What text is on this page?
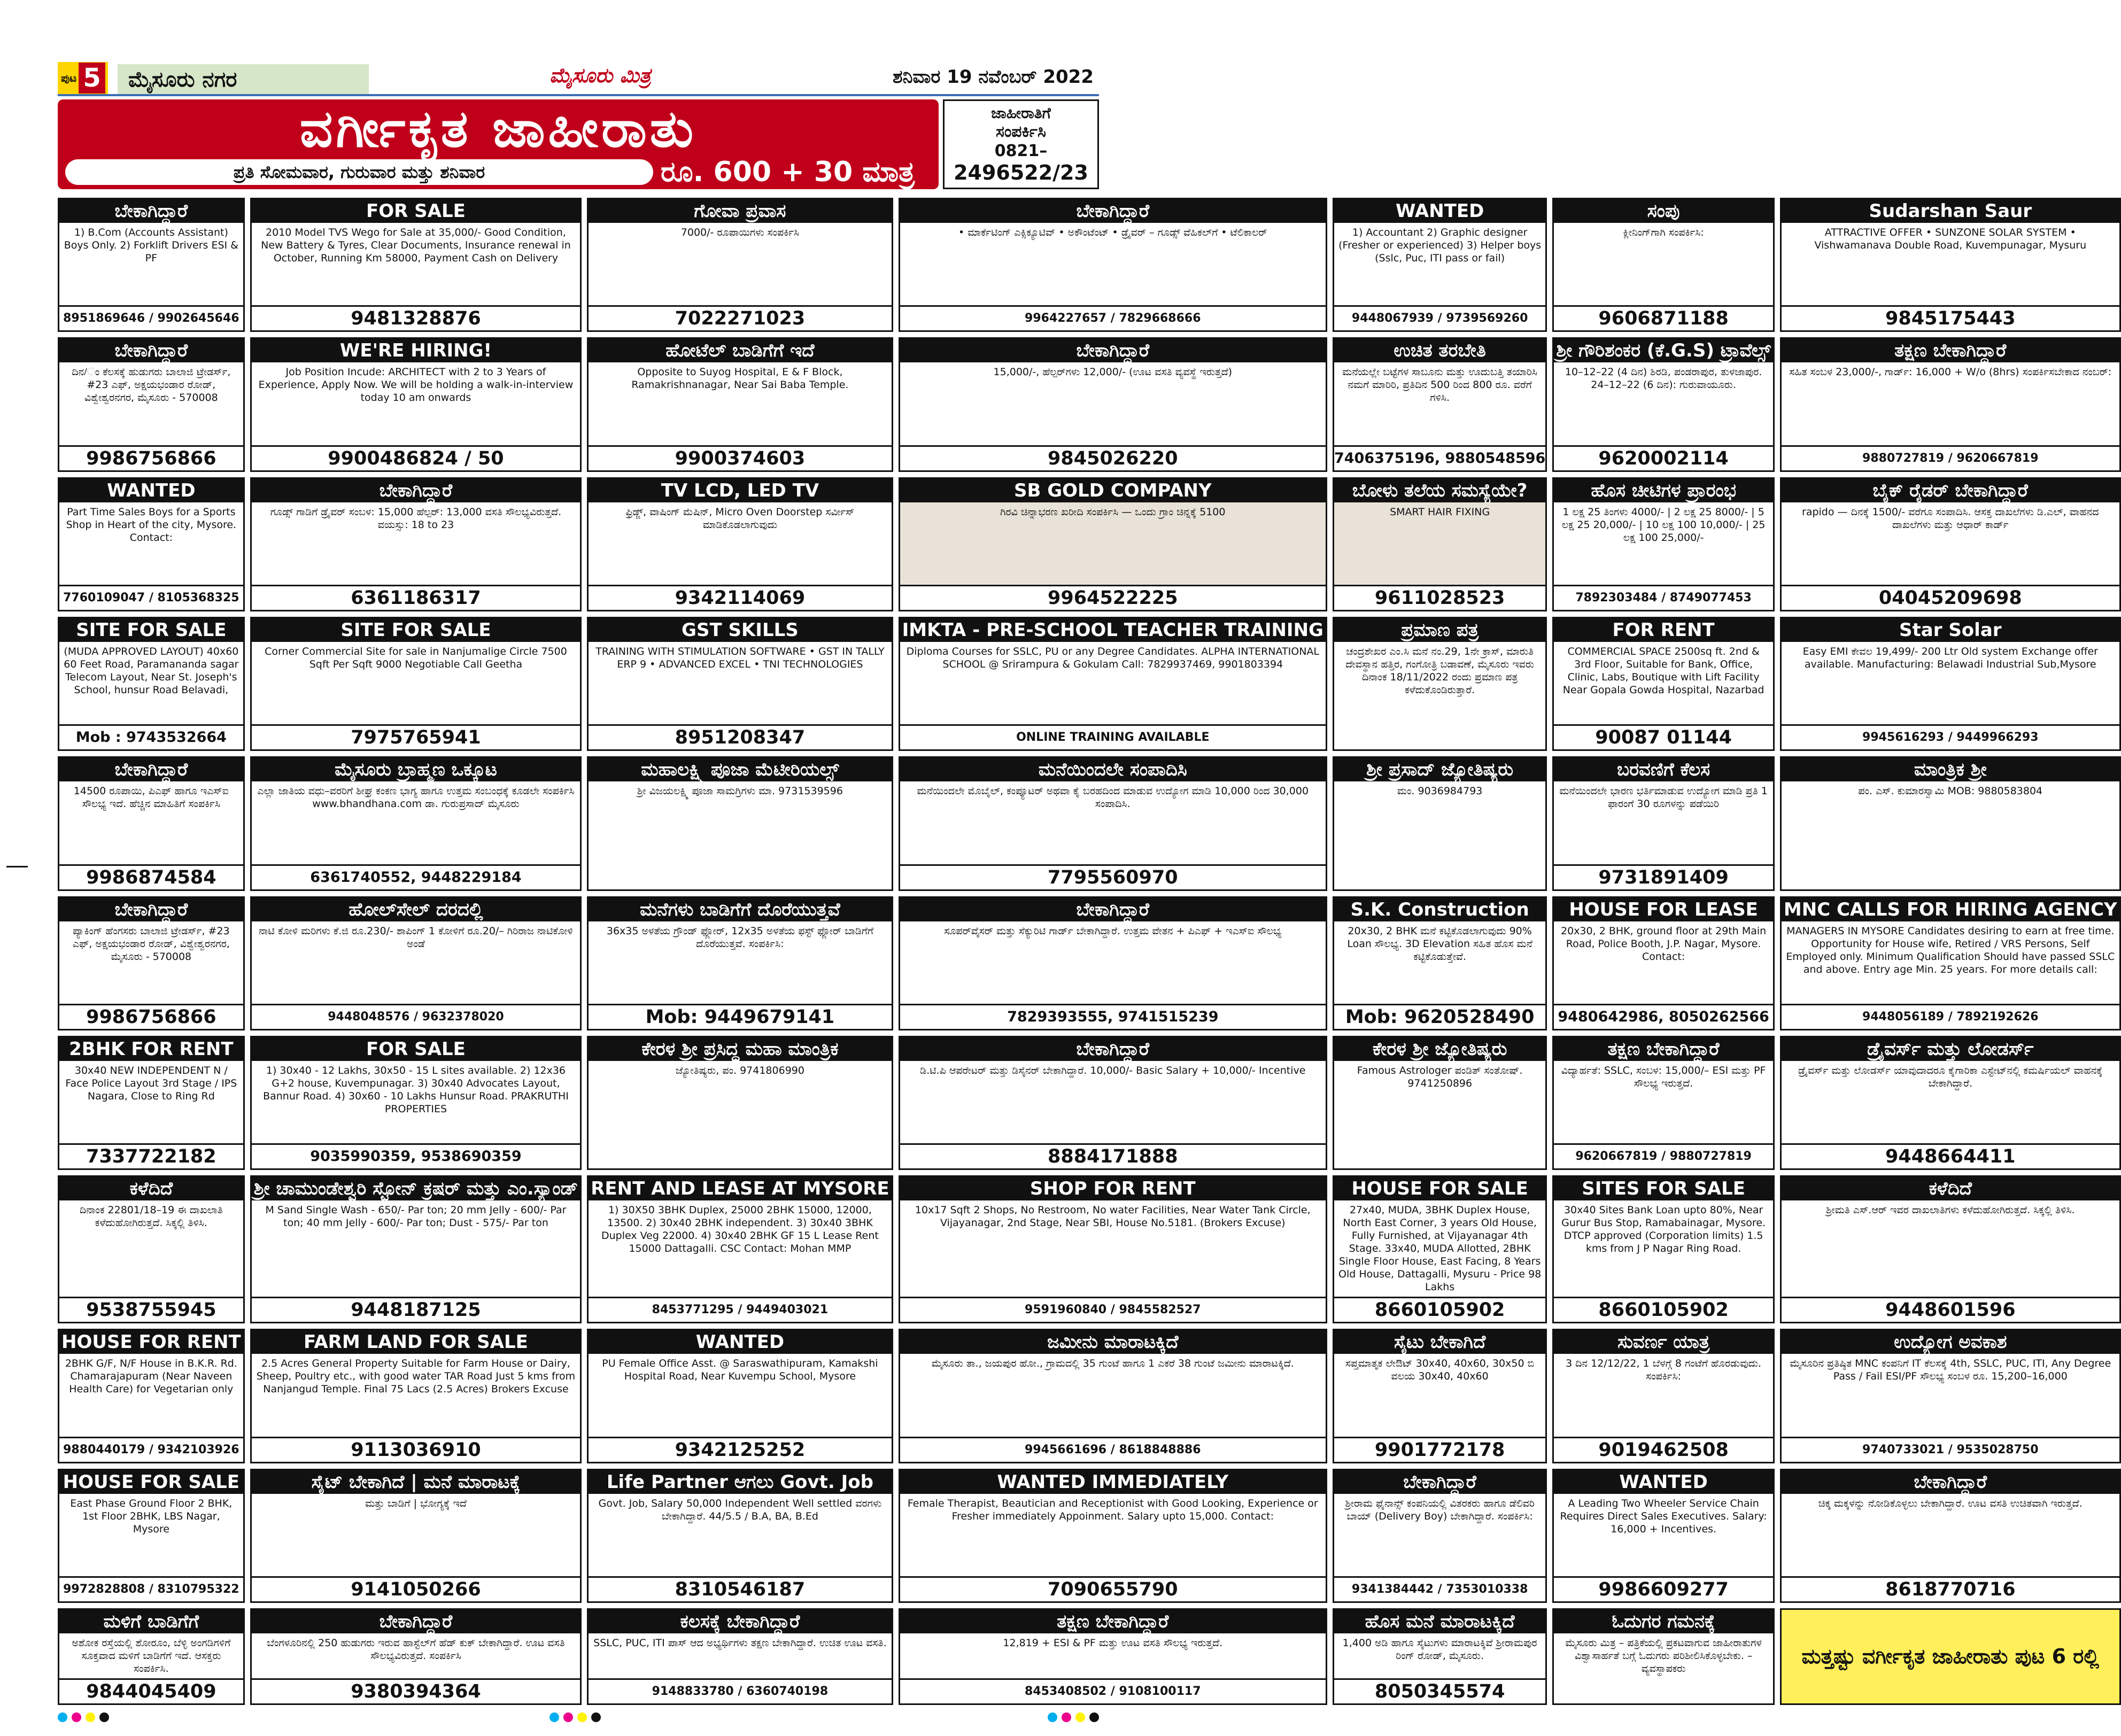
ಪುಟ 5	ಮೈಸೂರು ನಗರ	ಮೈಸೂರು ಮಿತ್ರ	ಶನಿವಾರ 19 ನವೆಂಬರ್ 2022
ವರ್ಗೀಕೃತ ಜಾಹೀರಾತು
ಪ್ರತಿ ಸೋಮವಾರ, ಗುರುವಾರ ಮತ್ತು ಶನಿವಾರ	ರೂ. 600 + 30 ಮಾತ್ರ
ಜಾಹೀರಾತಿಗೆ
ಸಂಪರ್ಕಿಸಿ
0821–
2496522/23
ಬೇಕಾಗಿದ್ದಾರೆ
1) B.Com (Accounts Assistant) Boys Only. 2) Forklift Drivers ESI & PF
8951869646 / 9902645646
FOR SALE
2010 Model TVS Wego for Sale at 35,000/- Good Condition, New Battery & Tyres, Clear Documents, Insurance renewal in October, Running Km 58000, Payment Cash on Delivery
9481328876
ಗೋವಾ ಪ್ರವಾಸ
7000/- ರೂಪಾಯಿಗಳು ಸಂಪರ್ಕಿಸಿ
7022271023
ಬೇಕಾಗಿದ್ದಾರೆ
• ಮಾರ್ಕೆಟಿಂಗ್ ಎಕ್ಸಿಕ್ಯೂಟಿವ್ • ಅಕೌಂಟೆಂಟ್ • ಡ್ರೈವರ್ – ಗೂಡ್ಸ್ ವೆಹಿಕಲ್‌ಗೆ • ಟೆಲಿಕಾಲರ್
9964227657 / 7829668666
WANTED
1) Accountant 2) Graphic designer (Fresher or experienced) 3) Helper boys (Sslc, Puc, ITI pass or fail)
9448067939 / 9739569260
ಸಂಪು
ಕ್ಲೀನಿಂಗ್‌ಗಾಗಿ ಸಂಪರ್ಕಿಸಿ:
9606871188
Sudarshan Saur
ATTRACTIVE OFFER • SUNZONE SOLAR SYSTEM • Vishwamanava Double Road, Kuvempunagar, Mysuru
9845175443
ಬೇಕಾಗಿದ್ದಾರೆ
ದಿನ/ಂ ಕೆಲಸಕ್ಕೆ ಹುಡುಗರು ಬಾಲಾಜಿ ಟ್ರೇಡರ್ಸ್, #23 ಎಫ್, ಅಕ್ಷಯಭಂಡಾರ ರೋಡ್, ವಿಶ್ವೇಶ್ವರನಗರ, ಮೈಸೂರು - 570008
9986756866
WE'RE HIRING!
Job Position Incude: ARCHITECT with 2 to 3 Years of Experience, Apply Now. We will be holding a walk-in-interview today 10 am onwards
9900486824 / 50
ಹೋಟೆಲ್ ಬಾಡಿಗೆಗೆ ಇದೆ
Opposite to Suyog Hospital, E & F Block, Ramakrishnanagar, Near Sai Baba Temple.
9900374603
ಬೇಕಾಗಿದ್ದಾರೆ
15,000/-, ಹೆಲ್ಪರ್‌ಗಳು 12,000/- (ಊಟ ವಸತಿ ವ್ಯವಸ್ಥೆ ಇರುತ್ತದೆ)
9845026220
ಉಚಿತ ತರಬೇತಿ
ಮನೆಯಲ್ಲೇ ಬಟ್ಟೆಗಳ ಸಾಬೂನು ಮತ್ತು ಊದುಬತ್ತಿ ತಯಾರಿಸಿ ನಮಗೆ ಮಾರಿರಿ, ಪ್ರತಿದಿನ 500 ರಿಂದ 800 ರೂ. ವರೆಗೆ ಗಳಿಸಿ.
7406375196, 9880548596
ಶ್ರೀ ಗೌರಿಶಂಕರ (ಕೆ.G.S) ಟ್ರಾವೆಲ್ಸ್
10–12–22 (4 ದಿನ) ಶಿರಡಿ, ಪಂಡರಾಪುರ, ತುಳಜಾಪುರ. 24–12–22 (6 ದಿನ): ಗುರುವಾಯೂರು.
9620002114
ತಕ್ಷಣ ಬೇಕಾಗಿದ್ದಾರೆ
ಸಹಿತ ಸಂಬಳ 23,000/-, ಗಾರ್ಡ್: 16,000 + W/o (8hrs) ಸಂಪರ್ಕಿಸಬೇಕಾದ ನಂಬರ್:
9880727819 / 9620667819
WANTED
Part Time Sales Boys for a Sports Shop in Heart of the city, Mysore. Contact:
7760109047 / 8105368325
ಬೇಕಾಗಿದ್ದಾರೆ
ಗೂಡ್ಸ್ ಗಾಡಿಗೆ ಡ್ರೈವರ್ ಸಂಬಳ: 15,000 ಹೆಲ್ಪರ್: 13,000 ವಸತಿ ಸೌಲಭ್ಯವಿರುತ್ತದೆ. ವಯಸ್ಸು: 18 to 23
6361186317
TV LCD, LED TV
ಫ್ರಿಡ್ಜ್, ವಾಷಿಂಗ್ ಮೆಷಿನ್, Micro Oven Doorstep ಸರ್ವೀಸ್ ಮಾಡಿಕೊಡಲಾಗುವುದು
9342114069
SB GOLD COMPANY
ಗಿರವಿ ಚಿನ್ನಾಭರಣ ಖರೀದಿ ಸಂಪರ್ಕಿಸಿ — ಒಂದು ಗ್ರಾಂ ಚಿನ್ನಕ್ಕೆ 5100
9964522225
ಬೋಳು ತಲೆಯ ಸಮಸ್ಯೆಯೇ?
SMART HAIR FIXING
9611028523
ಹೊಸ ಚೀಟಿಗಳ ಪ್ರಾರಂಭ
1 ಲಕ್ಷ 25 ತಿಂಗಳು 4000/- | 2 ಲಕ್ಷ 25 8000/- | 5 ಲಕ್ಷ 25 20,000/- | 10 ಲಕ್ಷ 100 10,000/- | 25 ಲಕ್ಷ 100 25,000/-
7892303484 / 8749077453
ಬೈಕ್ ರೈಡರ್ ಬೇಕಾಗಿದ್ದಾರೆ
rapido — ದಿನಕ್ಕೆ 1500/- ವರೆಗೂ ಸಂಪಾದಿಸಿ. ಆಸಕ್ತ ದಾಖಲೆಗಳು ಡಿ.ಎಲ್, ವಾಹನದ ದಾಖಲೆಗಳು ಮತ್ತು ಆಧಾರ್ ಕಾರ್ಡ್
04045209698
SITE FOR SALE
(MUDA APPROVED LAYOUT) 40x60 60 Feet Road, Paramananda sagar Telecom Layout, Near St. Joseph's School, hunsur Road Belavadi,
Mob : 9743532664
SITE FOR SALE
Corner Commercial Site for sale in Nanjumalige Circle 7500 Sqft Per Sqft 9000 Negotiable Call Geetha
7975765941
GST SKILLS
TRAINING WITH STIMULATION SOFTWARE • GST IN TALLY ERP 9 • ADVANCED EXCEL • TNI TECHNOLOGIES
8951208347
IMKTA - PRE-SCHOOL TEACHER TRAINING
Diploma Courses for SSLC, PU or any Degree Candidates. ALPHA INTERNATIONAL SCHOOL @ Srirampura & Gokulam Call: 7829937469, 9901803394
ONLINE TRAINING AVAILABLE
ಪ್ರಮಾಣ ಪತ್ರ
ಚಂದ್ರಶೇಖರ ಎಂ.ಸಿ ಮನೆ ನಂ.29, 1ನೇ ಕ್ರಾಸ್, ಮಾರುತಿ ದೇವಸ್ಥಾನ ಹತ್ತಿರ, ಗಂಗೋತ್ರಿ ಬಡಾವಣೆ, ಮೈಸೂರು ಇವರು ದಿನಾಂಕ 18/11/2022 ರಂದು ಪ್ರಮಾಣ ಪತ್ರ ಕಳೆದುಕೊಂಡಿರುತ್ತಾರೆ.
FOR RENT
COMMERCIAL SPACE 2500sq ft. 2nd & 3rd Floor, Suitable for Bank, Office, Clinic, Labs, Boutique with Lift Facility Near Gopala Gowda Hospital, Nazarbad
90087 01144
Star Solar
Easy EMI ಕೇವಲ 19,499/- 200 Ltr Old system Exchange offer available. Manufacturing: Belawadi Industrial Sub,Mysore
9945616293 / 9449966293
ಬೇಕಾಗಿದ್ದಾರೆ
14500 ರೂಪಾಯಿ, ಪಿಎಫ್ ಹಾಗೂ ಇಎಸ್‌ಐ ಸೌಲಭ್ಯ ಇದೆ. ಹೆಚ್ಚಿನ ಮಾಹಿತಿಗೆ ಸಂಪರ್ಕಿಸಿ
9986874584
ಮೈಸೂರು ಬ್ರಾಹ್ಮಣ ಒಕ್ಕೂಟ
ಎಲ್ಲಾ ಜಾತಿಯ ವಧು–ವರರಿಗೆ ಶೀಘ್ರ ಕಂಕಣ ಭಾಗ್ಯ ಹಾಗೂ ಉತ್ತಮ ಸಂಬಂಧಕ್ಕೆ ಕೂಡಲೇ ಸಂಪರ್ಕಿಸಿ www.bhandhana.com ಡಾ. ಗುರುಪ್ರಸಾದ್ ಮೈಸೂರು
6361740552, 9448229184
ಮಹಾಲಕ್ಷ್ಮಿ ಪೂಜಾ ಮೆಟೀರಿಯಲ್ಸ್
ಶ್ರೀ ವಿಜಯಲಕ್ಷ್ಮಿ ಪೂಜಾ ಸಾಮಗ್ರಿಗಳು ಮಾ. 9731539596
ಮನೆಯಿಂದಲೇ ಸಂಪಾದಿಸಿ
ಮನೆಯಿಂದಲೇ ಮೊಬೈಲ್, ಕಂಪ್ಯೂಟರ್ ಅಥವಾ ಕೈ ಬರಹದಿಂದ ಮಾಡುವ ಉದ್ಯೋಗ ಮಾಡಿ 10,000 ರಿಂದ 30,000 ಸಂಪಾದಿಸಿ.
7795560970
ಶ್ರೀ ಪ್ರಸಾದ್ ಜ್ಯೋತಿಷ್ಯರು
ಮಂ. 9036984793
ಬರವಣಿಗೆ ಕೆಲಸ
ಮನೆಯಿಂದಲೇ ಭಾರಣ ಭರ್ತಿಮಾಡುವ ಉದ್ಯೋಗ ಮಾಡಿ ಪ್ರತಿ 1 ಫಾರಂಗೆ 30 ರೂಗಳನ್ನು ಪಡೆಯಿರಿ
9731891409
ಮಾಂತ್ರಿಕ ಶ್ರೀ
ಪಂ. ಎಸ್. ಕುಮಾರಸ್ವಾಮಿ MOB: 9880583804
ಬೇಕಾಗಿದ್ದಾರೆ
ಪ್ಯಾಕಿಂಗ್ ಹೆಂಗಸರು ಬಾಲಾಜಿ ಟ್ರೇಡರ್ಸ್, #23 ಎಫ್, ಅಕ್ಷಯಭಂಡಾರ ರೋಡ್, ವಿಶ್ವೇಶ್ವರನಗರ, ಮೈಸೂರು - 570008
9986756866
ಹೋಲ್‌ಸೇಲ್ ದರದಲ್ಲಿ
ನಾಟಿ ಕೋಳಿ ಮರಿಗಳು ಕೆ.ಜಿ ರೂ.230/- ಶಾಪಿಂಗ್ 1 ಕೋಳಿಗೆ ರೂ.20/– ಗಿರಿರಾಜ ನಾಟಿಕೋಳಿ ಅಂಡೆ
9448048576 / 9632378020
ಮನೆಗಳು ಬಾಡಿಗೆಗೆ ದೊರೆಯುತ್ತವೆ
36x35 ಅಳತೆಯ ಗ್ರೌಂಡ್ ಫ್ಲೋರ್, 12x35 ಅಳತೆಯ ಫಸ್ಟ್ ಫ್ಲೋರ್ ಬಾಡಿಗೆಗೆ ದೊರೆಯುತ್ತವೆ. ಸಂಪರ್ಕಿಸಿ:
Mob: 9449679141
ಬೇಕಾಗಿದ್ದಾರೆ
ಸೂಪರ್‌ವೈಸರ್ ಮತ್ತು ಸೆಕ್ಯುರಿಟಿ ಗಾರ್ಡ್ ಬೇಕಾಗಿದ್ದಾರೆ. ಉತ್ತಮ ವೇತನ + ಪಿಎಫ್ + ಇಎಸ್‌ಐ ಸೌಲಭ್ಯ
7829393555, 9741515239
S.K. Construction
20x30, 2 BHK ಮನೆ ಕಟ್ಟಿಕೊಡಲಾಗುವುದು 90% Loan ಸೌಲಭ್ಯ. 3D Elevation ಸಹಿತ ಹೊಸ ಮನೆ ಕಟ್ಟಿಕೊಡುತ್ತೇವೆ.
Mob: 9620528490
HOUSE FOR LEASE
20x30, 2 BHK, ground floor at 29th Main Road, Police Booth, J.P. Nagar, Mysore. Contact:
9480642986, 8050262566
MNC CALLS FOR HIRING AGENCY
MANAGERS IN MYSORE Candidates desiring to earn at free time. Opportunity for House wife, Retired / VRS Persons, Self Employed only. Minimum Qualification Should have passed SSLC and above. Entry age Min. 25 years. For more details call:
9448056189 / 7892192626
2BHK FOR RENT
30x40 NEW INDEPENDENT N / Face Police Layout 3rd Stage / IPS Nagara, Close to Ring Rd
7337722182
FOR SALE
1) 30x40 - 12 Lakhs, 30x50 - 15 L sites available. 2) 12x36 G+2 house, Kuvempunagar. 3) 30x40 Advocates Layout, Bannur Road. 4) 30x60 - 10 Lakhs Hunsur Road. PRAKRUTHI PROPERTIES
9035990359, 9538690359
ಕೇರಳ ಶ್ರೀ ಪ್ರಸಿದ್ಧ ಮಹಾ ಮಾಂತ್ರಿಕ
ಜ್ಯೋತಿಷ್ಯರು, ಪಂ. 9741806990
ಬೇಕಾಗಿದ್ದಾರೆ
ಡಿ.ಟಿ.ಪಿ ಆಪರೇಟರ್ ಮತ್ತು ಡಿಸೈನರ್ ಬೇಕಾಗಿದ್ದಾರೆ. 10,000/- Basic Salary + 10,000/- Incentive
8884171888
ಕೇರಳ ಶ್ರೀ ಜ್ಯೋತಿಷ್ಯರು
Famous Astrologer ಪಂಡಿತ್ ಸಂತೋಷ್. 9741250896
ತಕ್ಷಣ ಬೇಕಾಗಿದ್ದಾರೆ
ವಿದ್ಯಾರ್ಹತೆ: SSLC, ಸಂಬಳ: 15,000/– ESI ಮತ್ತು PF ಸೌಲಭ್ಯ ಇರುತ್ತದೆ.
9620667819 / 9880727819
ಡ್ರೈವರ್ಸ್ ಮತ್ತು ಲೋಡರ್ಸ್
ಡ್ರೈವರ್ಸ್ ಮತ್ತು ಲೋಡರ್ಸ್ ಯಾವುದಾದರೂ ಕೈಗಾರಿಕಾ ಎಸ್ಟೇಟ್‌ನಲ್ಲಿ ಕಮರ್ಷಿಯಲ್ ವಾಹನಕ್ಕೆ ಬೇಕಾಗಿದ್ದಾರೆ.
9448664411
ಕಳೆದಿದೆ
ದಿನಾಂಕ 22801/18–19 ಈ ದಾಖಲಾತಿ ಕಳೆದುಹೋಗಿರುತ್ತದೆ. ಸಿಕ್ಕಲ್ಲಿ ತಿಳಿಸಿ.
9538755945
ಶ್ರೀ ಚಾಮುಂಡೇಶ್ವರಿ ಸ್ಟೋನ್ ಕ್ರಷರ್ ಮತ್ತು ಎಂ.ಸ್ಯಾಂಡ್
M Sand Single Wash - 650/- Par ton; 20 mm Jelly - 600/- Par ton; 40 mm Jelly - 600/- Par ton; Dust - 575/- Par ton
9448187125
RENT AND LEASE AT MYSORE
1) 30X50 3BHK Duplex, 25000 2BHK 15000, 12000, 13500. 2) 30x40 2BHK independent. 3) 30x40 3BHK Duplex Veg 22000. 4) 30x40 2BHK GF 15 L Lease Rent 15000 Dattagalli. CSC Contact: Mohan MMP
8453771295 / 9449403021
SHOP FOR RENT
10x17 Sqft 2 Shops, No Restroom, No water Facilities, Near Water Tank Circle, Vijayanagar, 2nd Stage, Near SBI, House No.5181. (Brokers Excuse)
9591960840 / 9845582527
HOUSE FOR SALE
27x40, MUDA, 3BHK Duplex House, North East Corner, 3 years Old House, Fully Furnished, at Vijayanagar 4th Stage. 33x40, MUDA Allotted, 2BHK Single Floor House, East Facing, 8 Years Old House, Dattagalli, Mysuru - Price 98 Lakhs
8660105902
SITES FOR SALE
30x40 Sites Bank Loan upto 80%, Near Gurur Bus Stop, Ramabainagar, Mysore. DTCP approved (Corporation limits) 1.5 kms from J P Nagar Ring Road.
8660105902
ಕಳೆದಿದೆ
ಶ್ರೀಮತಿ ಎಸ್.ಆರ್ ಇವರ ದಾಖಲಾತಿಗಳು ಕಳೆದುಹೋಗಿರುತ್ತದೆ. ಸಿಕ್ಕಲ್ಲಿ ತಿಳಿಸಿ.
9448601596
HOUSE FOR RENT
2BHK G/F, N/F House in B.K.R. Rd. Chamarajapuram (Near Naveen Health Care) for Vegetarian only
9880440179 / 9342103926
FARM LAND FOR SALE
2.5 Acres General Property Suitable for Farm House or Dairy, Sheep, Poultry etc., with good water TAR Road Just 5 kms from Nanjangud Temple. Final 75 Lacs (2.5 Acres) Brokers Excuse
9113036910
WANTED
PU Female Office Asst. @ Saraswathipuram, Kamakshi Hospital Road, Near Kuvempu School, Mysore
9342125252
ಜಮೀನು ಮಾರಾಟಕ್ಕಿದೆ
ಮೈಸೂರು ತಾ., ಜಯಪುರ ಹೋ., ಗ್ರಾಮದಲ್ಲಿ 35 ಗುಂಟೆ ಹಾಗೂ 1 ಎಕರೆ 38 ಗುಂಟೆ ಜಮೀನು ಮಾರಾಟಕ್ಕಿದೆ.
9945661696 / 8618848886
ಸೈಟು ಬೇಕಾಗಿದೆ
ಸಪ್ತಮಾತೃಕ ಲೇಔಟ್ 30x40, 40x60, 30x50 ಬಿ ವಲಯ 30x40, 40x60
9901772178
ಸುವರ್ಣ ಯಾತ್ರ
3 ದಿನ 12/12/22, 1 ಬೆಳಗ್ಗೆ 8 ಗಂಟೆಗೆ ಹೊರಡುವುದು. ಸಂಪರ್ಕಿಸಿ:
9019462508
ಉದ್ಯೋಗ ಅವಕಾಶ
ಮೈಸೂರಿನ ಪ್ರತಿಷ್ಠಿತ MNC ಕಂಪನಿಗೆ IT ಕೆಲಸಕ್ಕೆ 4th, SSLC, PUC, ITI, Any Degree Pass / Fail ESI/PF ಸೌಲಭ್ಯ ಸಂಬಳ ರೂ. 15,200–16,000
9740733021 / 9535028750
HOUSE FOR SALE
East Phase Ground Floor 2 BHK, 1st Floor 2BHK, LBS Nagar, Mysore
9972828808 / 8310795322
ಸೈಟ್ ಬೇಕಾಗಿದೆ | ಮನೆ ಮಾರಾಟಕ್ಕೆ
ಮತ್ತು ಬಾಡಿಗೆ | ಭೋಗ್ಯಕ್ಕೆ ಇದೆ
9141050266
Life Partner ಆಗಲು Govt. Job
Govt. Job, Salary 50,000 Independent Well settled ವರಗಳು ಬೇಕಾಗಿದ್ದಾರೆ. 44/5.5 / B.A, BA, B.Ed
8310546187
WANTED IMMEDIATELY
Female Therapist, Beautician and Receptionist with Good Looking, Experience or Fresher immediately Appoinment. Salary upto 15,000. Contact:
7090655790
ಬೇಕಾಗಿದ್ದಾರೆ
ಶ್ರೀರಾಮ ಫೈನಾನ್ಸ್ ಕಂಪನಿಯಲ್ಲಿ ವಿತರಕರು ಹಾಗೂ ಡೆಲಿವರಿ ಬಾಯ್ (Delivery Boy) ಬೇಕಾಗಿದ್ದಾರೆ. ಸಂಪರ್ಕಿಸಿ:
9341384442 / 7353010338
WANTED
A Leading Two Wheeler Service Chain Requires Direct Sales Executives. Salary: 16,000 + Incentives.
9986609277
ಬೇಕಾಗಿದ್ದಾರೆ
ಚಿಕ್ಕ ಮಕ್ಕಳನ್ನು ನೋಡಿಕೊಳ್ಳಲು ಬೇಕಾಗಿದ್ದಾರೆ. ಊಟ ವಸತಿ ಉಚಿತವಾಗಿ ಇರುತ್ತದೆ.
8618770716
ಮಳಿಗೆ ಬಾಡಿಗೆಗೆ
ಅಶೋಕ ರಸ್ತೆಯಲ್ಲಿ ಶೋರೂಂ, ಬೆಳ್ಳಿ ಅಂಗಡಿಗಳಿಗೆ ಸೂಕ್ತವಾದ ಮಳಿಗೆ ಬಾಡಿಗೆಗೆ ಇದೆ. ಆಸಕ್ತರು ಸಂಪರ್ಕಿಸಿ.
9844045409
ಬೇಕಾಗಿದ್ದಾರೆ
ಬೆಂಗಳೂರಿನಲ್ಲಿ 250 ಹುಡುಗರು ಇರುವ ಹಾಸ್ಟೆಲ್‌ಗೆ ಹೆಡ್ ಕುಕ್ ಬೇಕಾಗಿದ್ದಾರೆ. ಊಟ ವಸತಿ ಸೌಲಭ್ಯವಿರುತ್ತದೆ. ಸಂಪರ್ಕಿಸಿ
9380394364
ಕಲಸಕ್ಕೆ ಬೇಕಾಗಿದ್ದಾರೆ
SSLC, PUC, ITI ಪಾಸ್ ಆದ ಅಭ್ಯರ್ಥಿಗಳು ತಕ್ಷಣ ಬೇಕಾಗಿದ್ದಾರೆ. ಉಚಿತ ಊಟ ವಸತಿ.
9148833780 / 6360740198
ತಕ್ಷಣ ಬೇಕಾಗಿದ್ದಾರೆ
12,819 + ESI & PF ಮತ್ತು ಊಟ ವಸತಿ ಸೌಲಭ್ಯ ಇರುತ್ತದೆ.
8453408502 / 9108100117
ಹೊಸ ಮನೆ ಮಾರಾಟಕ್ಕಿದೆ
1,400 ಅಡಿ ಹಾಗೂ ಸೈಟುಗಳು ಮಾರಾಟಕ್ಕಿವೆ ಶ್ರೀರಾಮಪುರ ರಿಂಗ್ ರೋಡ್, ಮೈಸೂರು.
8050345574
ಓದುಗರ ಗಮನಕ್ಕೆ
ಮೈಸೂರು ಮಿತ್ರ – ಪತ್ರಿಕೆಯಲ್ಲಿ ಪ್ರಕಟವಾಗುವ ಜಾಹೀರಾತುಗಳ ವಿಶ್ವಾಸಾರ್ಹತೆ ಬಗ್ಗೆ ಓದುಗರು ಪರಿಶೀಲಿಸಿಕೊಳ್ಳಬೇಕು. –ವ್ಯವಸ್ಥಾಪಕರು
ಮತ್ತಷ್ಟು ವರ್ಗೀಕೃತ ಜಾಹೀರಾತು ಪುಟ 6 ರಲ್ಲಿ
